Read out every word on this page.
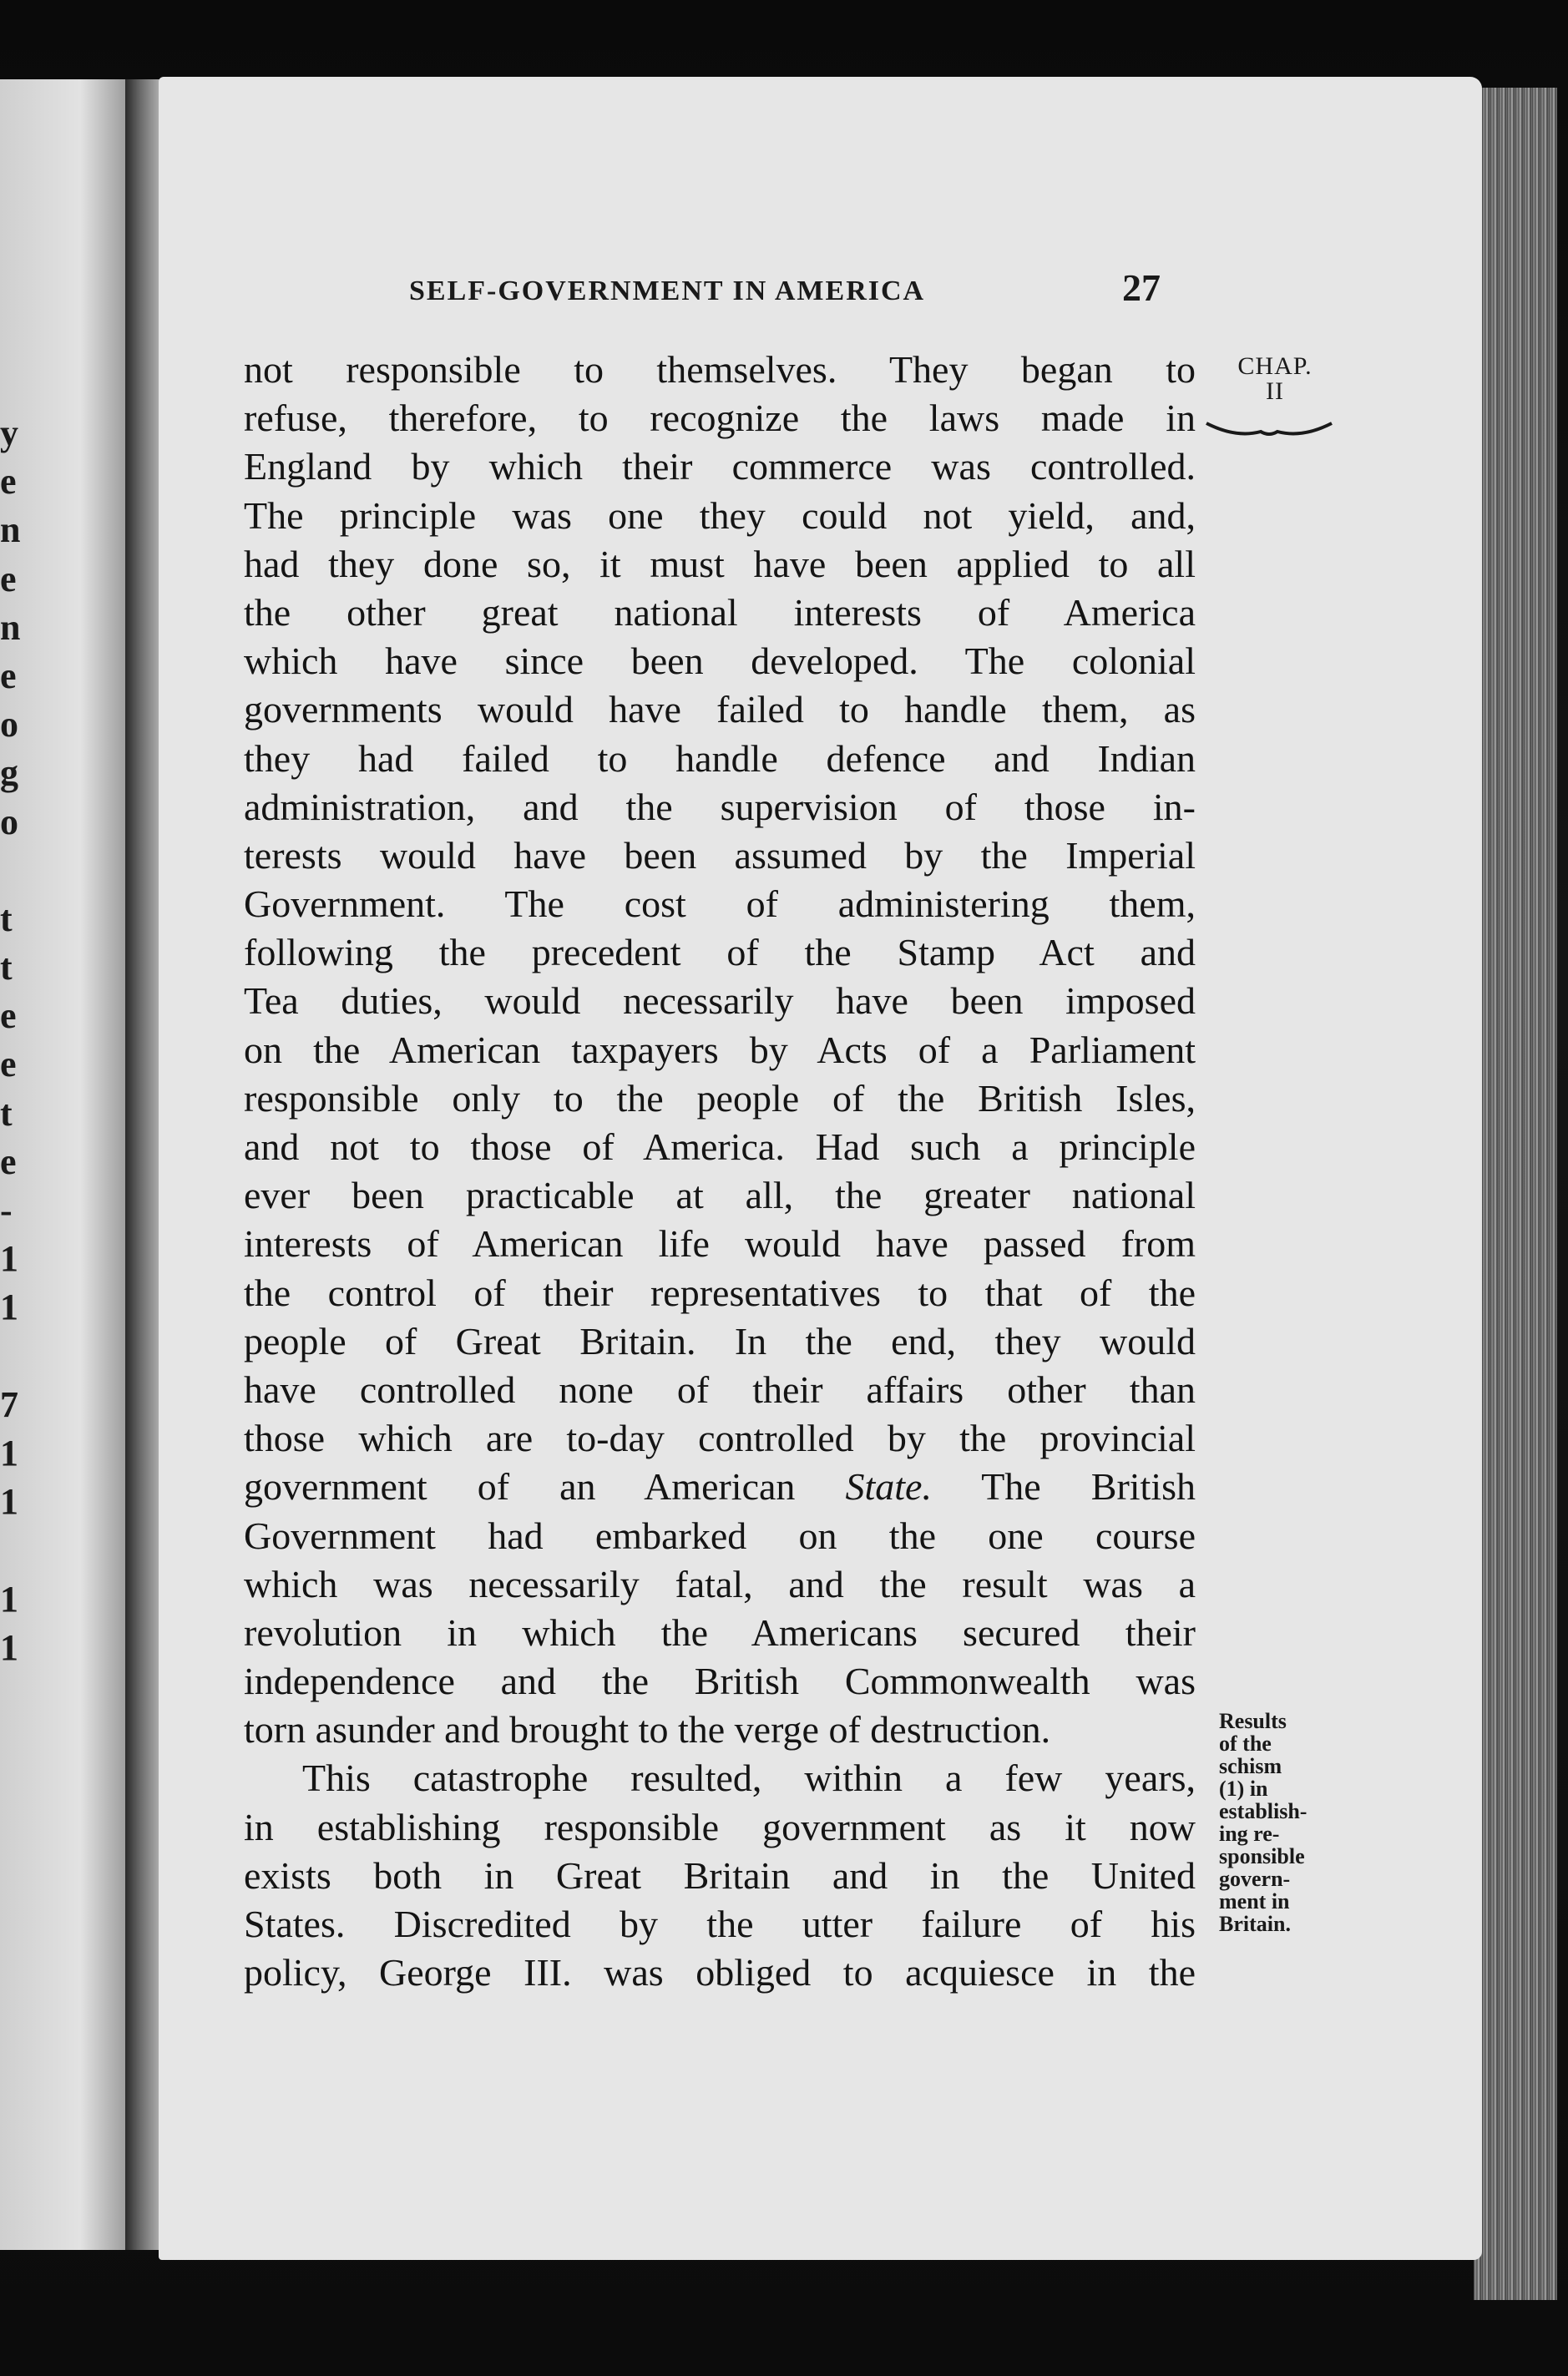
y
e
n
e
n
e
o
g
o
t
t
e
e
t
e
-
1
1
7
1
1
1
1
SELF-GOVERNMENT IN AMERICA	27
CHAP.
II
not responsible to themselves. They began to
refuse, therefore, to recognize the laws made in
England by which their commerce was controlled.
The principle was one they could not yield, and,
had they done so, it must have been applied to all
the other great national interests of America
which have since been developed. The colonial
governments would have failed to handle them, as
they had failed to handle defence and Indian
administration, and the supervision of those in-
terests would have been assumed by the Imperial
Government. The cost of administering them,
following the precedent of the Stamp Act and
Tea duties, would necessarily have been imposed
on the American taxpayers by Acts of a Parliament
responsible only to the people of the British Isles,
and not to those of America. Had such a principle
ever been practicable at all, the greater national
interests of American life would have passed from
the control of their representatives to that of the
people of Great Britain. In the end, they would
have controlled none of their affairs other than
those which are to-day controlled by the provincial
government of an American State. The British
Government had embarked on the one course
which was necessarily fatal, and the result was a
revolution in which the Americans secured their
independence and the British Commonwealth was
torn asunder and brought to the verge of destruction.
This catastrophe resulted, within a few years,
in establishing responsible government as it now
exists both in Great Britain and in the United
States. Discredited by the utter failure of his
policy, George III. was obliged to acquiesce in the
Results
of the
schism
(1) in
establish-
ing re-
sponsible
govern-
ment in
Britain.
